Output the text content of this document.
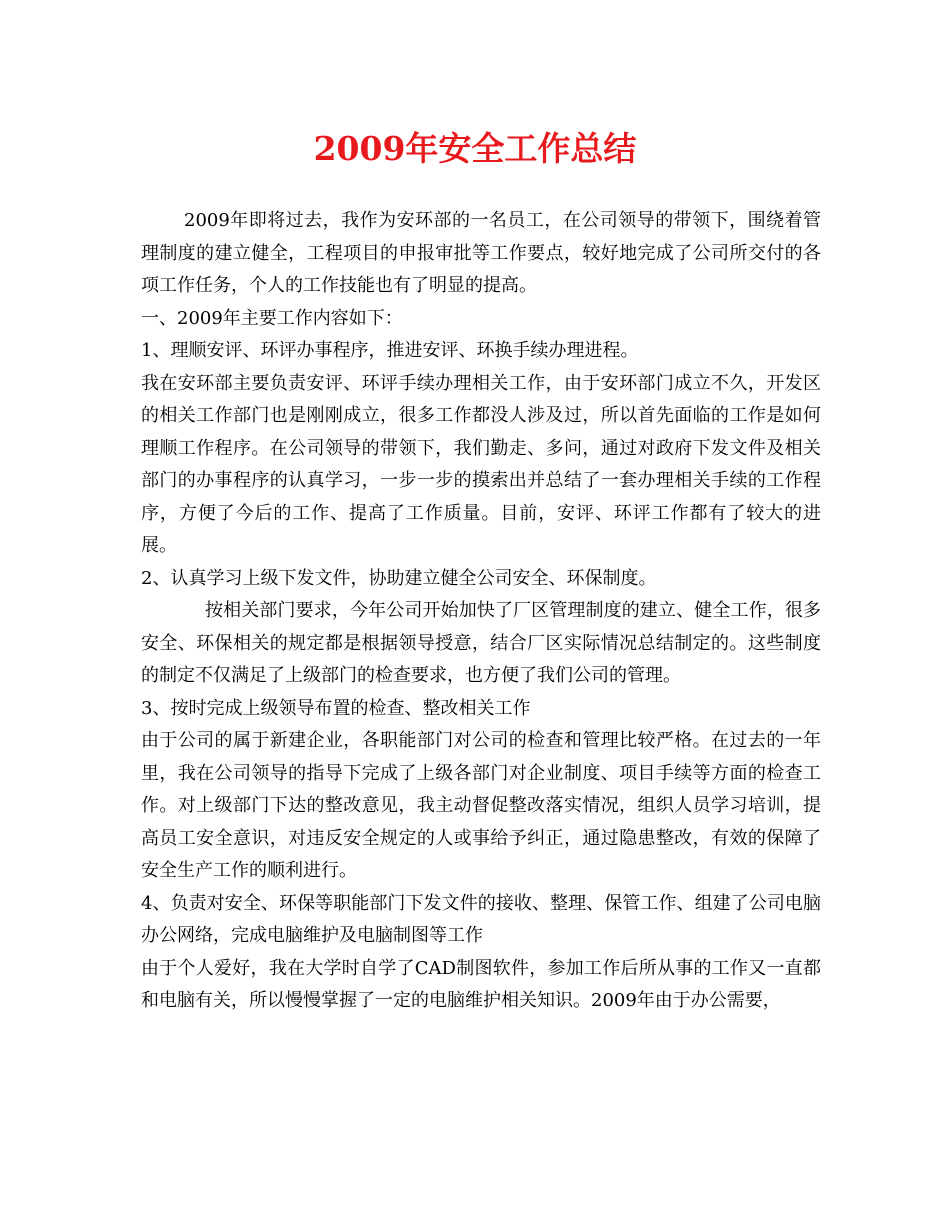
2009年安全工作总结

2009年即将过去，我作为安环部的一名员工，在公司领导的带领下，围绕着管理制度的建立健全，工程项目的申报审批等工作要点，较好地完成了公司所交付的各项工作任务，个人的工作技能也有了明显的提高。

一、2009年主要工作内容如下：

1、理顺安评、环评办事程序，推进安评、环换手续办理进程。

我在安环部主要负责安评、环评手续办理相关工作，由于安环部门成立不久，开发区的相关工作部门也是刚刚成立，很多工作都没人涉及过，所以首先面临的工作是如何理顺工作程序。在公司领导的带领下，我们勤走、多问，通过对政府下发文件及相关部门的办事程序的认真学习，一步一步的摸索出并总结了一套办理相关手续的工作程序，方便了今后的工作、提高了工作质量。目前，安评、环评工作都有了较大的进展。

2、认真学习上级下发文件，协助建立健全公司安全、环保制度。

按相关部门要求，今年公司开始加快了厂区管理制度的建立、健全工作，很多安全、环保相关的规定都是根据领导授意，结合厂区实际情况总结制定的。这些制度的制定不仅满足了上级部门的检查要求，也方便了我们公司的管理。

3、按时完成上级领导布置的检查、整改相关工作

由于公司的属于新建企业，各职能部门对公司的检查和管理比较严格。在过去的一年里，我在公司领导的指导下完成了上级各部门对企业制度、项目手续等方面的检查工作。对上级部门下达的整改意见，我主动督促整改落实情况，组织人员学习培训，提高员工安全意识，对违反安全规定的人或事给予纠正，通过隐患整改，有效的保障了安全生产工作的顺利进行。

4、负责对安全、环保等职能部门下发文件的接收、整理、保管工作、组建了公司电脑办公网络，完成电脑维护及电脑制图等工作

由于个人爱好，我在大学时自学了CAD制图软件，参加工作后所从事的工作又一直都和电脑有关，所以慢慢掌握了一定的电脑维护相关知识。2009年由于办公需要，
